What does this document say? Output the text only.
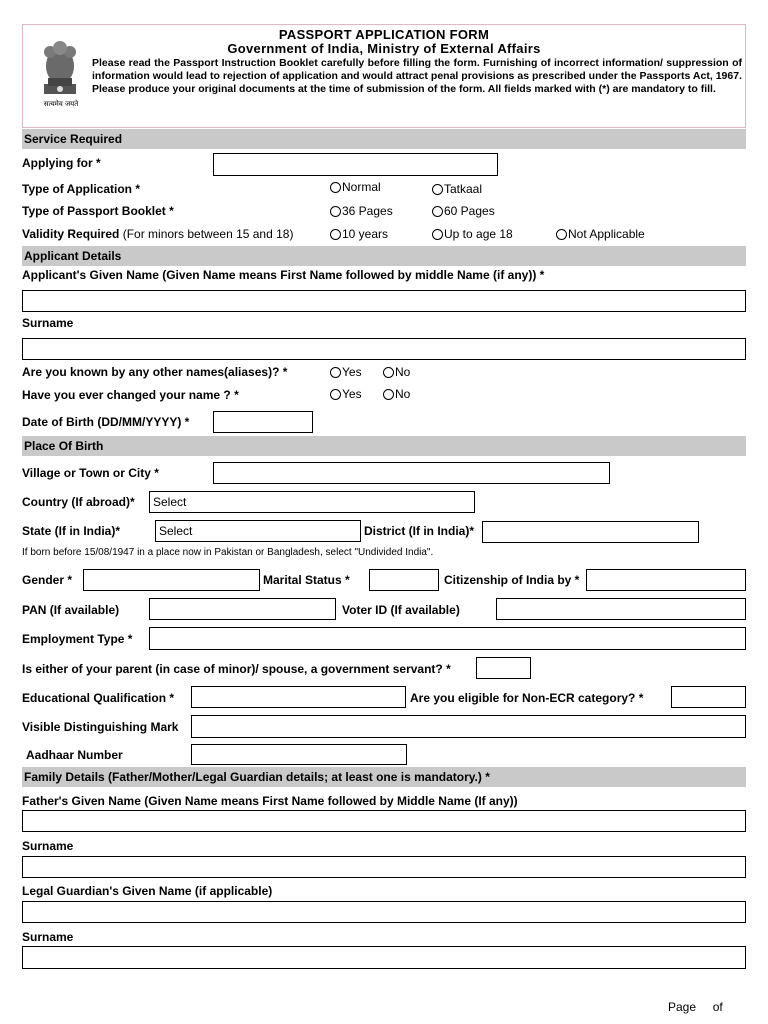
सत्यमेव जयते
PASSPORT APPLICATION FORM
Government of India, Ministry of External Affairs
Please read the Passport Instruction Booklet carefully before filling the form. Furnishing of incorrect information/ suppression of information would lead to rejection of application and would attract penal provisions as prescribed under the Passports Act, 1967. Please produce your original documents at the time of submission of the form. All fields marked with (*) are mandatory to fill.
Service Required
Applying for *
Type of Application *	Normal	Tatkaal
Type of Passport Booklet *	36 Pages	60 Pages
Validity Required (For minors between 15 and 18)	10 years	Up to age 18	Not Applicable
Applicant Details
Applicant's Given Name (Given Name means First Name followed by middle Name (if any)) *
Surname
Are you known by any other names(aliases)? *	Yes	No
Have you ever changed your name ? *	Yes	No
Date of Birth (DD/MM/YYYY) *
Place Of Birth
Village or Town or City *
Country (If abroad)*	Select
State (If in India)*	Select	District (If in India)*
If born before 15/08/1947 in a place now in Pakistan or Bangladesh, select "Undivided India".
Gender *	Marital Status *	Citizenship of India by *
PAN (If available)	Voter ID (If available)
Employment Type *
Is either of your parent (in case of minor)/ spouse, a government servant? *
Educational Qualification *	Are you eligible for Non-ECR category? *
Visible Distinguishing Mark
Aadhaar Number
Family Details (Father/Mother/Legal Guardian details; at least one is mandatory.) *
Father's Given Name (Given Name means First Name followed by Middle Name (If any))
Surname
Legal Guardian's Given Name (if applicable)
Surname
Page     of
